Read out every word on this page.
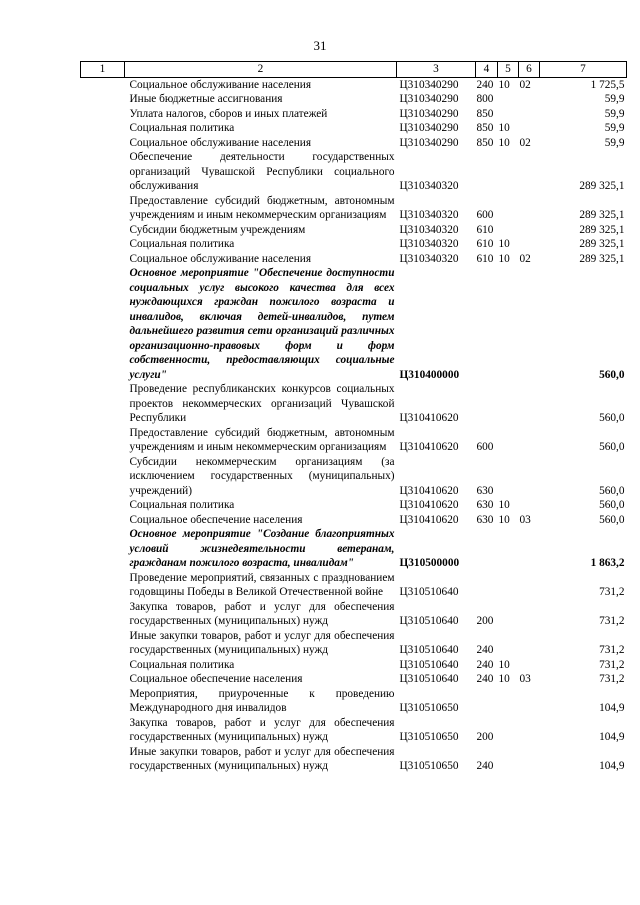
31
1	2	3	4	5	6	7
	Социальное обслуживание населения	Ц310340290	240	10	02	1 725,5
	Иные бюджетные ассигнования	Ц310340290	800			59,9
	Уплата налогов, сборов и иных платежей	Ц310340290	850			59,9
	Социальная политика	Ц310340290	850	10		59,9
	Социальное обслуживание населения	Ц310340290	850	10	02	59,9
	Обеспечение деятельности государственных организаций Чувашской Республики социального обслуживания	Ц310340320				289 325,1
	Предоставление субсидий бюджетным, автономным учреждениям и иным некоммерческим организациям	Ц310340320	600			289 325,1
	Субсидии бюджетным учреждениям	Ц310340320	610			289 325,1
	Социальная политика	Ц310340320	610	10		289 325,1
	Социальное обслуживание населения	Ц310340320	610	10	02	289 325,1
	Основное мероприятие "Обеспечение доступности социальных услуг высокого качества для всех нуждающихся граждан пожилого возраста и инвалидов, включая детей-инвалидов, путем дальнейшего развития сети организаций различных организационно-правовых форм и форм собственности, предоставляющих социальные услуги"	Ц310400000				560,0
	Проведение республиканских конкурсов социальных проектов некоммерческих организаций Чувашской Республики	Ц310410620				560,0
	Предоставление субсидий бюджетным, автономным учреждениям и иным некоммерческим организациям	Ц310410620	600			560,0
	Субсидии некоммерческим организациям (за исключением государственных (муниципальных) учреждений)	Ц310410620	630			560,0
	Социальная политика	Ц310410620	630	10		560,0
	Социальное обеспечение населения	Ц310410620	630	10	03	560,0
	Основное мероприятие "Создание благоприятных условий жизнедеятельности ветеранам, гражданам пожилого возраста, инвалидам"	Ц310500000				1 863,2
	Проведение мероприятий, связанных с празднованием годовщины Победы в Великой Отечественной войне	Ц310510640				731,2
	Закупка товаров, работ и услуг для обеспечения государственных (муниципальных) нужд	Ц310510640	200			731,2
	Иные закупки товаров, работ и услуг для обеспечения государственных (муниципальных) нужд	Ц310510640	240			731,2
	Социальная политика	Ц310510640	240	10		731,2
	Социальное обеспечение населения	Ц310510640	240	10	03	731,2
	Мероприятия, приуроченные к проведению Международного дня инвалидов	Ц310510650				104,9
	Закупка товаров, работ и услуг для обеспечения государственных (муниципальных) нужд	Ц310510650	200			104,9
	Иные закупки товаров, работ и услуг для обеспечения государственных (муниципальных) нужд	Ц310510650	240			104,9
